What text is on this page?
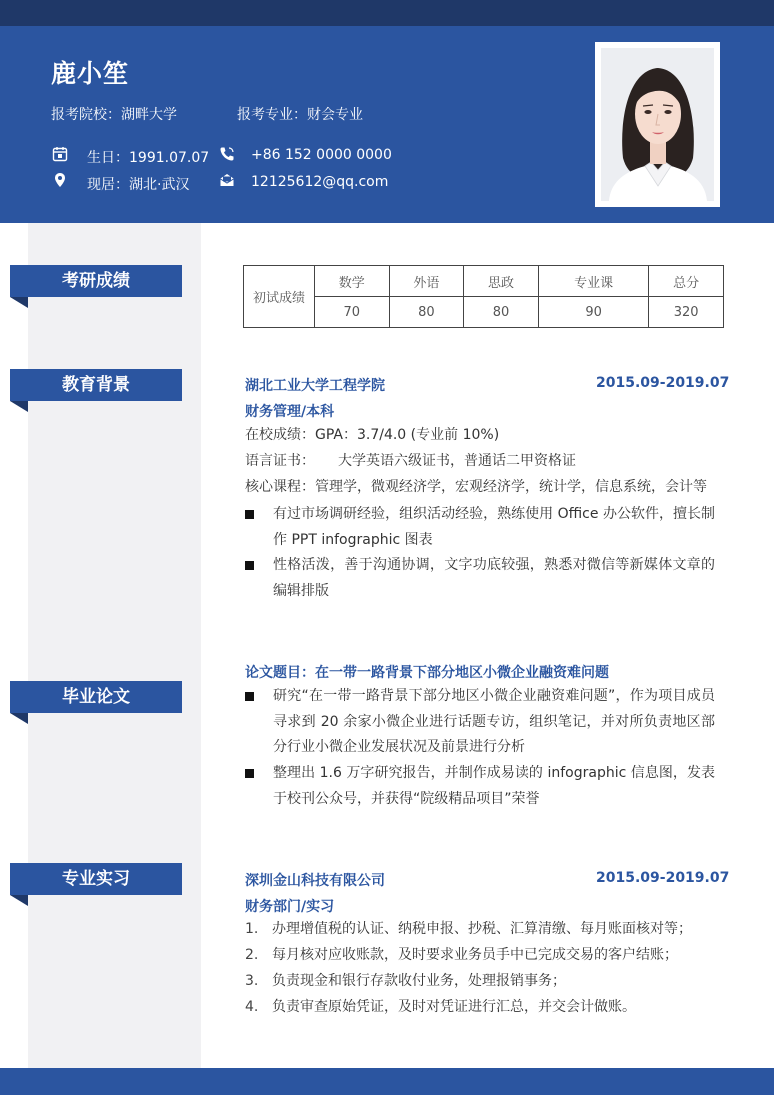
鹿小笙
报考院校：湖畔大学	报考专业：财会专业
生日：1991.07.07	+86 152 0000 0000
现居：湖北·武汉	12125612@qq.com
考研成绩
初试成绩	数学	外语	思政	专业课	总分
	70	80	80	90	320
教育背景	湖北工业大学工程学院	2015.09-2019.07
财务管理/本科
在校成绩：GPA：3.7/4.0 (专业前 10%)
语言证书： 大学英语六级证书，普通话二甲资格证
核心课程：管理学，微观经济学，宏观经济学，统计学，信息系统，会计等
有过市场调研经验，组织活动经验，熟练使用 Office 办公软件，擅长制作 PPT infographic 图表
性格活泼，善于沟通协调，文字功底较强，熟悉对微信等新媒体文章的编辑排版
毕业论文
论文题目：在一带一路背景下部分地区小微企业融资难问题
研究“在一带一路背景下部分地区小微企业融资难问题”，作为项目成员寻求到 20 余家小微企业进行话题专访，组织笔记，并对所负责地区部分行业小微企业发展状况及前景进行分析
整理出 1.6 万字研究报告，并制作成易读的 infographic 信息图，发表于校刊公众号，并获得“院级精品项目”荣誉
专业实习	深圳金山科技有限公司	2015.09-2019.07
财务部门/实习
1. 办理增值税的认证、纳税申报、抄税、汇算清缴、每月账面核对等；
2. 每月核对应收账款，及时要求业务员手中已完成交易的客户结账；
3. 负责现金和银行存款收付业务，处理报销事务；
4. 负责审查原始凭证，及时对凭证进行汇总，并交会计做账。
